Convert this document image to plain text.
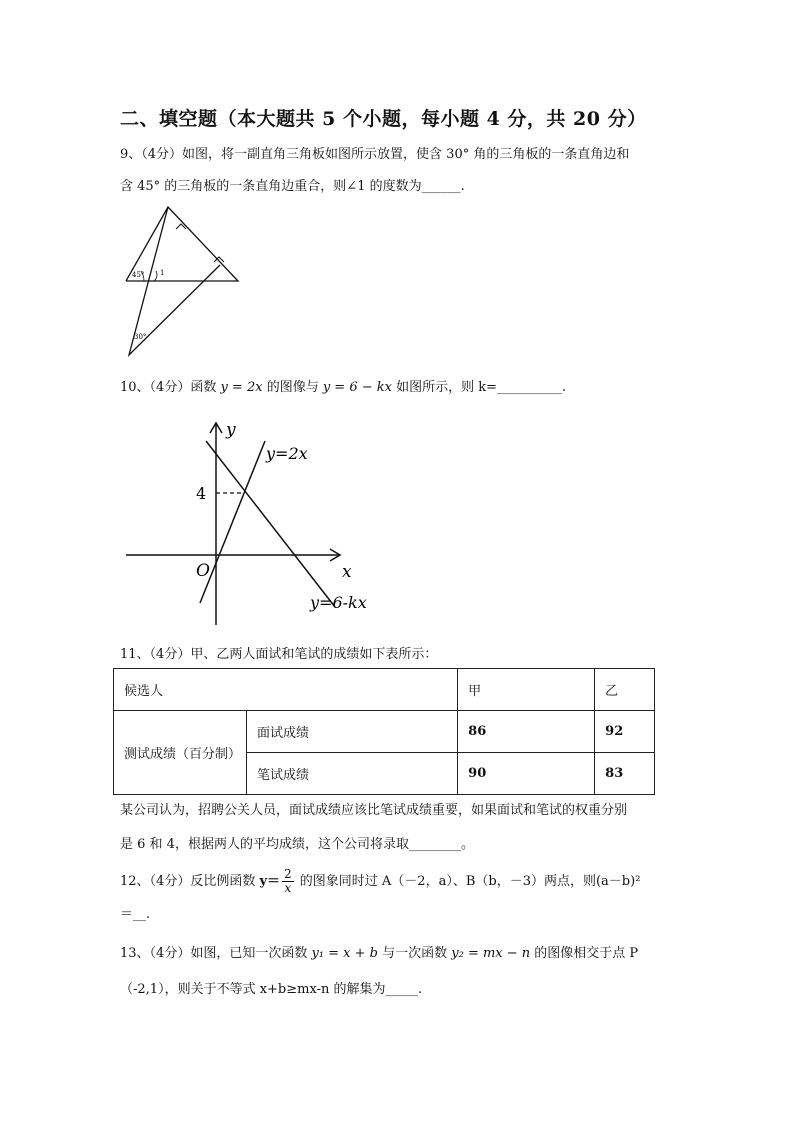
二、填空题（本大题共 5 个小题，每小题 4 分，共 20 分）
9、（4分）如图，将一副直角三角板如图所示放置，使含 30° 角的三角板的一条直角边和
含 45° 的三角板的一条直角边重合，则∠1 的度数为______.
45° 1
30°
10、（4分）函数 y = 2x 的图像与 y = 6 − kx 如图所示，则 k=__________.
y
x
O
4
y=2x
y=6-kx
11、（4分）甲、乙两人面试和笔试的成绩如下表所示：
候选人		甲	乙
测试成绩（百分制）	面试成绩	86	92
	笔试成绩	90	83
某公司认为，招聘公关人员，面试成绩应该比笔试成绩重要，如果面试和笔试的权重分别
是 6 和 4，根据两人的平均成绩，这个公司将录取________。
12、（4分）反比例函数 $y= \frac{2}{x}$ 的图象同时过 A（－2，a）、B（b，－3）两点，则(a－b)²
＝__.
13、（4分）如图，已知一次函数 y₁ = x + b 与一次函数 y₂ = mx − n 的图像相交于点 P
（-2,1），则关于不等式 x+b≥mx-n 的解集为_____.
